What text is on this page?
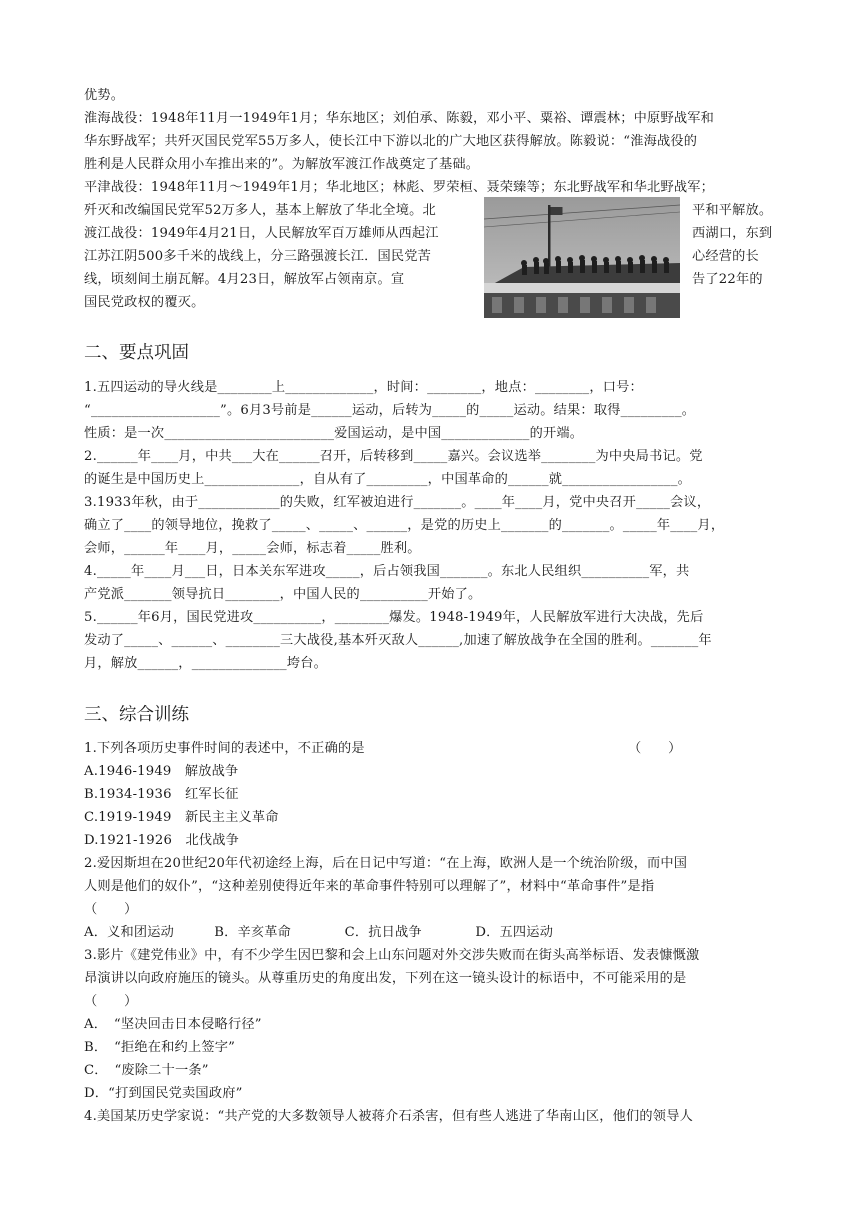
优势。
淮海战役：1948年11月一1949年1月；华东地区；刘伯承、陈毅，邓小平、粟裕、谭震林；中原野战军和
华东野战军；共歼灭国民党军55万多人，使长江中下游以北的广大地区获得解放。陈毅说：“淮海战役的
胜利是人民群众用小车推出来的”。为解放军渡江作战奠定了基础。
平津战役：1948年11月～1949年1月；华北地区；林彪、罗荣桓、聂荣臻等；东北野战军和华北野战军；
歼灭和改编国民党军52万多人，基本上解放了华北全境。北
渡江战役：1949年4月21日，人民解放军百万雄师从西起江
江苏江阴500多千米的战线上，分三路强渡长江．国民党苦
线，顷刻间土崩瓦解。4月23日，解放军占领南京。宣
国民党政权的覆灭。
平和平解放。
西湖口，东到
心经营的长
告了22年的
二、要点巩固
1.五四运动的导火线是________上_____________，时间：________，地点：________，口号：
“___________________”。6月3号前是______运动，后转为_____的_____运动。结果：取得_________。
性质：是一次_________________________爱国运动，是中国_____________的开端。
2.______年____月，中共___大在______召开，后转移到_____嘉兴。会议选举________为中央局书记。党
的诞生是中国历史上______________，自从有了_________，中国革命的______就_________________。
3.1933年秋，由于____________的失败，红军被迫进行_______。____年____月，党中央召开_____会议，
确立了____的领导地位，挽救了_____、_____、______，是党的历史上_______的_______。_____年____月，
会师，______年____月，_____会师，标志着_____胜利。
4._____年____月___日，日本关东军进攻_____，后占领我国_______。东北人民组织__________军，共
产党派_______领导抗日________，中国人民的__________开始了。
5.______年6月，国民党进攻__________，________爆发。1948-1949年，人民解放军进行大决战，先后
发动了_____、______、________三大战役,基本歼灭敌人______,加速了解放战争在全国的胜利。_______年
月，解放______，______________垮台。
三、综合训练
1.下列各项历史事件时间的表述中，不正确的是	（　　）
A.1946-1949　解放战争
B.1934-1936　红军长征
C.1919-1949　新民主主义革命
D.1921-1926　北伐战争
2.爱因斯坦在20世纪20年代初途经上海，后在日记中写道：“在上海，欧洲人是一个统治阶级，而中国
人则是他们的奴仆”，“这种差别使得近年来的革命事件特别可以理解了”，材料中“革命事件”是指
（　　）
A．义和团运动　　　B．辛亥革命　　　　C．抗日战争　　　　D．五四运动
3.影片《建党伟业》中，有不少学生因巴黎和会上山东问题对外交涉失败而在街头高举标语、发表慷慨激
昂演讲以向政府施压的镜头。从尊重历史的角度出发，下列在这一镜头设计的标语中，不可能采用的是
（　　）
A．　“坚决回击日本侵略行径”
B．　“拒绝在和约上签字”
C．　“废除二十一条”
D．“打到国民党卖国政府”
4.美国某历史学家说：“共产党的大多数领导人被蒋介石杀害，但有些人逃进了华南山区，他们的领导人
